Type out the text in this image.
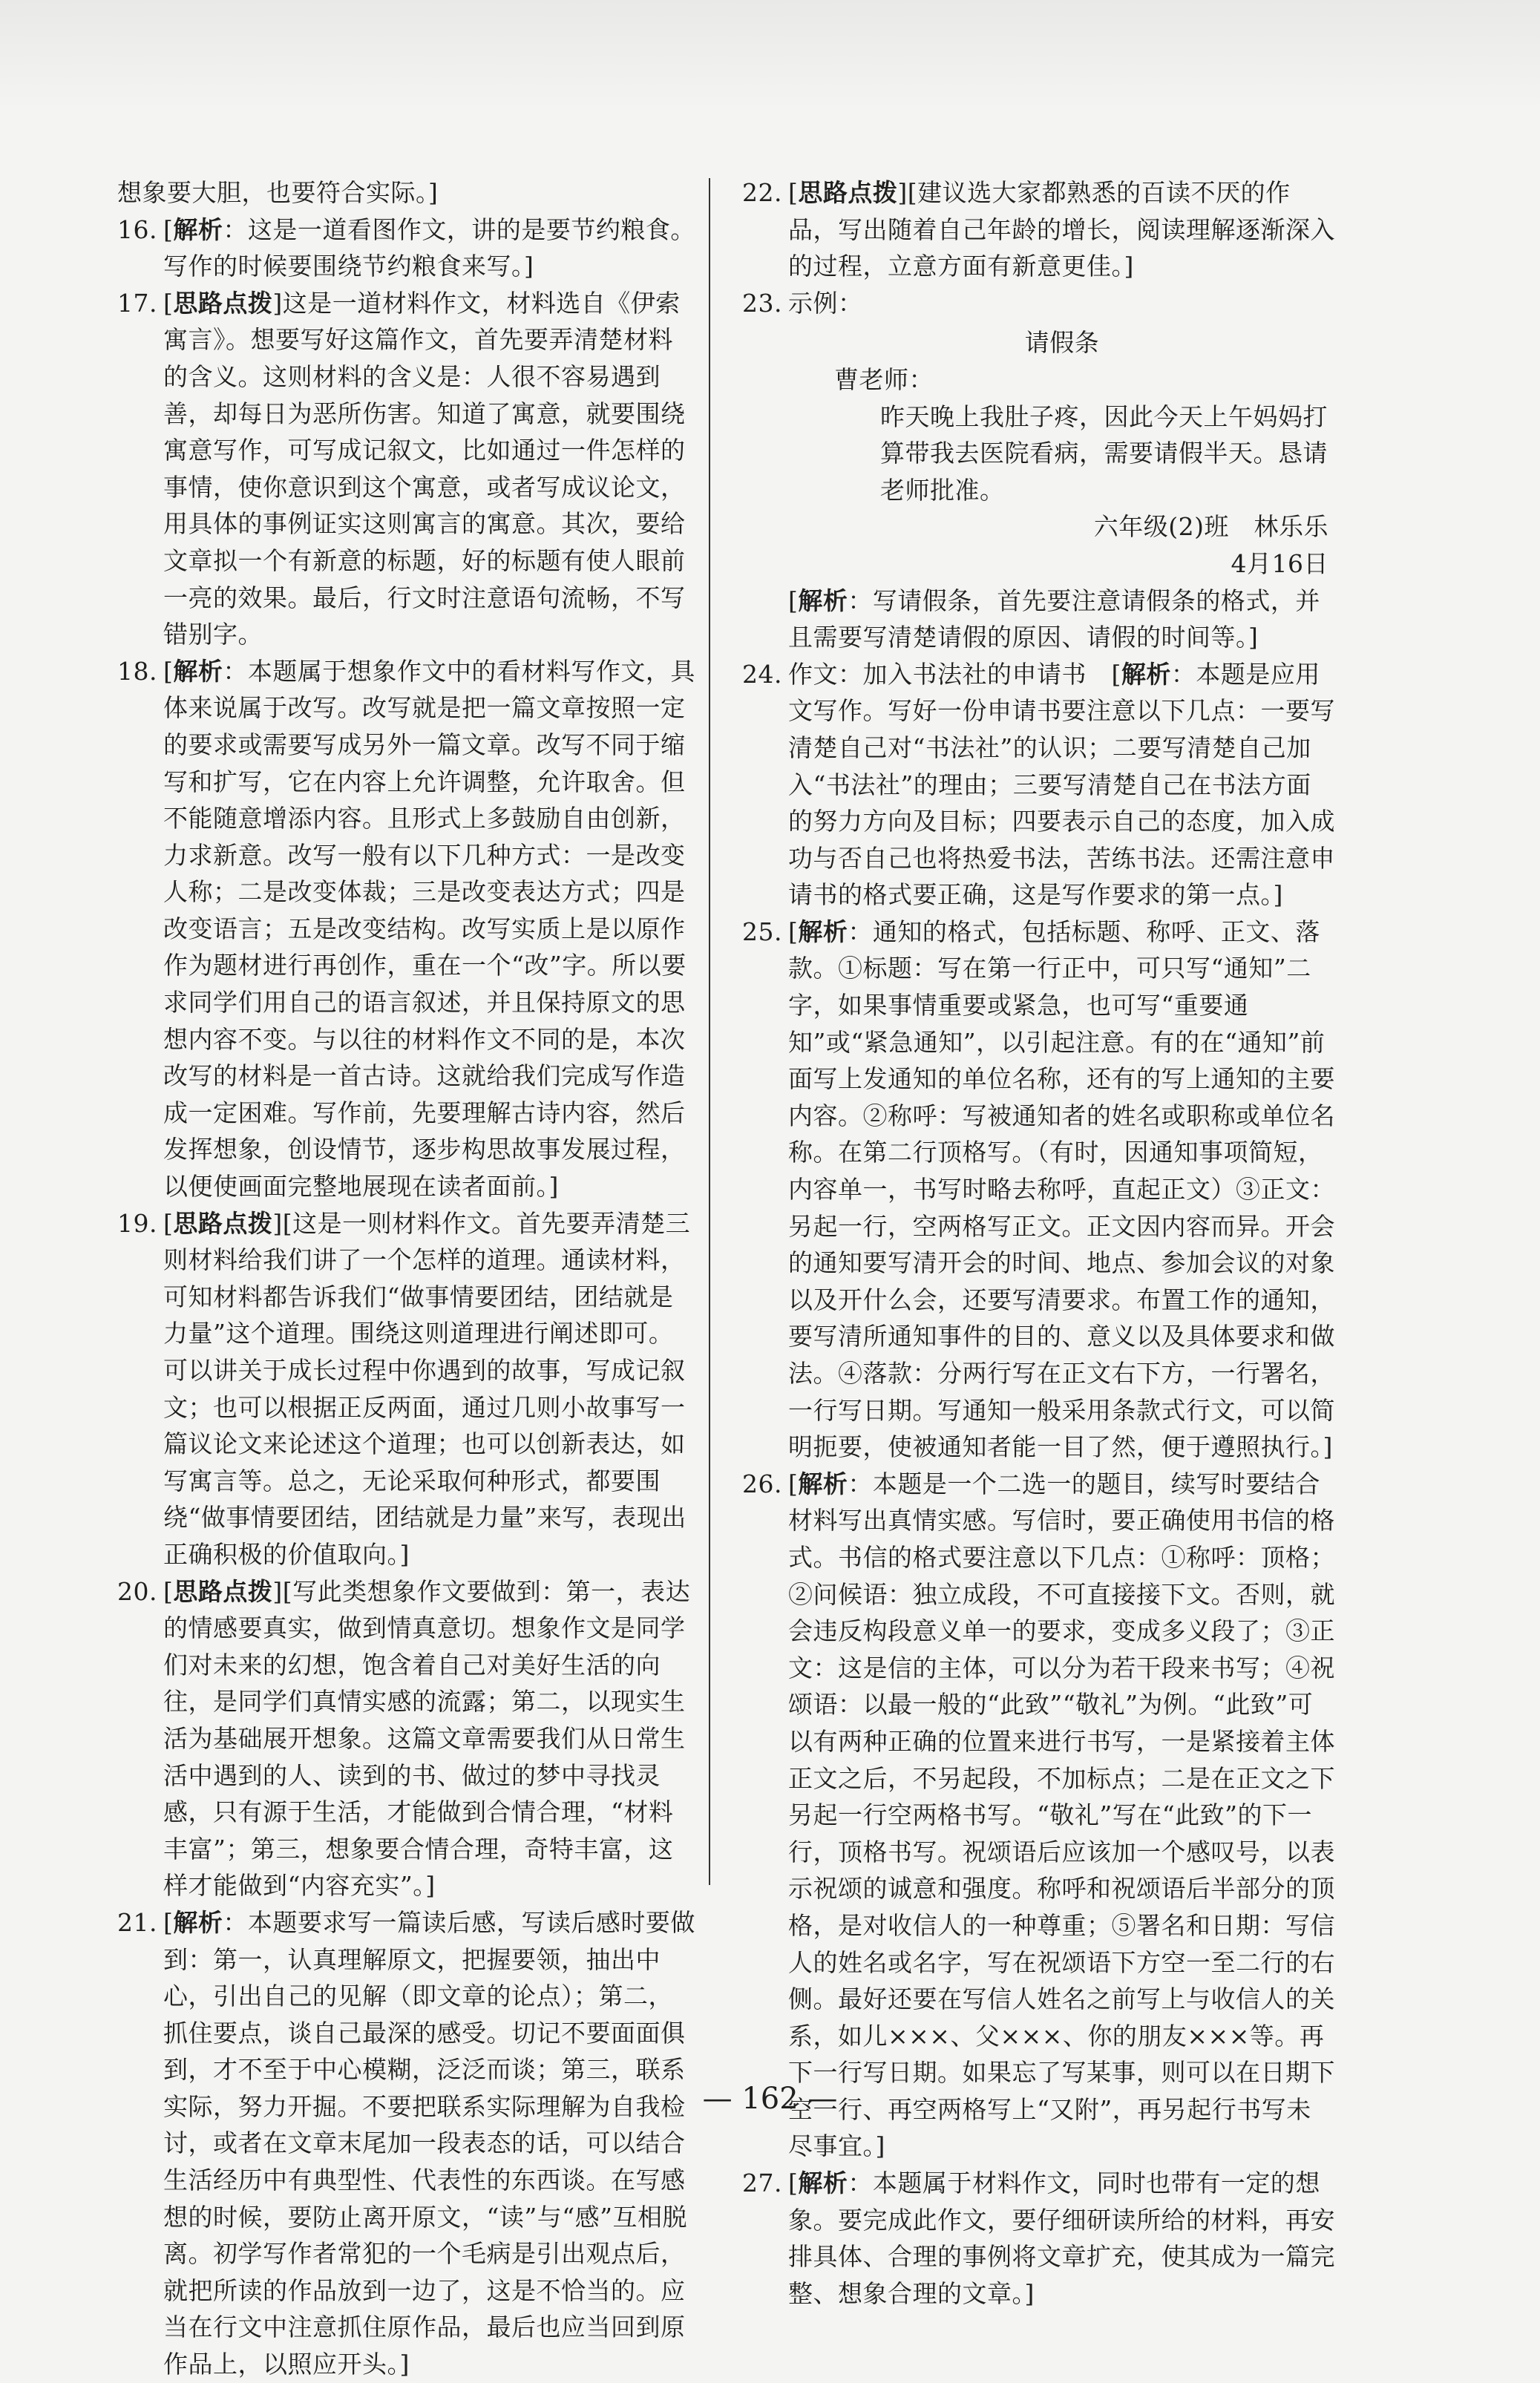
想象要大胆，也要符合实际。]
16. [解析：这是一道看图作文，讲的是要节约粮食。写作的时候要围绕节约粮食来写。]
17. [思路点拨]这是一道材料作文，材料选自《伊索寓言》。想要写好这篇作文，首先要弄清楚材料的含义。这则材料的含义是：人很不容易遇到善，却每日为恶所伤害。知道了寓意，就要围绕寓意写作，可写成记叙文，比如通过一件怎样的事情，使你意识到这个寓意，或者写成议论文，用具体的事例证实这则寓言的寓意。其次，要给文章拟一个有新意的标题，好的标题有使人眼前一亮的效果。最后，行文时注意语句流畅，不写错别字。
18. [解析：本题属于想象作文中的看材料写作文，具体来说属于改写。改写就是把一篇文章按照一定的要求或需要写成另外一篇文章。改写不同于缩写和扩写，它在内容上允许调整，允许取舍。但不能随意增添内容。且形式上多鼓励自由创新，力求新意。改写一般有以下几种方式：一是改变人称；二是改变体裁；三是改变表达方式；四是改变语言；五是改变结构。改写实质上是以原作作为题材进行再创作，重在一个“改”字。所以要求同学们用自己的语言叙述，并且保持原文的思想内容不变。与以往的材料作文不同的是，本次改写的材料是一首古诗。这就给我们完成写作造成一定困难。写作前，先要理解古诗内容，然后发挥想象，创设情节，逐步构思故事发展过程，以便使画面完整地展现在读者面前。]
19. [思路点拨][这是一则材料作文。首先要弄清楚三则材料给我们讲了一个怎样的道理。通读材料，可知材料都告诉我们“做事情要团结，团结就是力量”这个道理。围绕这则道理进行阐述即可。可以讲关于成长过程中你遇到的故事，写成记叙文；也可以根据正反两面，通过几则小故事写一篇议论文来论述这个道理；也可以创新表达，如写寓言等。总之，无论采取何种形式，都要围绕“做事情要团结，团结就是力量”来写，表现出正确积极的价值取向。]
20. [思路点拨][写此类想象作文要做到：第一，表达的情感要真实，做到情真意切。想象作文是同学们对未来的幻想，饱含着自己对美好生活的向往，是同学们真情实感的流露；第二，以现实生活为基础展开想象。这篇文章需要我们从日常生活中遇到的人、读到的书、做过的梦中寻找灵感，只有源于生活，才能做到合情合理，“材料丰富”；第三，想象要合情合理，奇特丰富，这样才能做到“内容充实”。]
21. [解析：本题要求写一篇读后感，写读后感时要做到：第一，认真理解原文，把握要领，抽出中心，引出自己的见解（即文章的论点）；第二，抓住要点，谈自己最深的感受。切记不要面面俱到，才不至于中心模糊，泛泛而谈；第三，联系实际，努力开掘。不要把联系实际理解为自我检讨，或者在文章末尾加一段表态的话，可以结合生活经历中有典型性、代表性的东西谈。在写感想的时候，要防止离开原文，“读”与“感”互相脱离。初学写作者常犯的一个毛病是引出观点后，就把所读的作品放到一边了，这是不恰当的。应当在行文中注意抓住原作品，最后也应当回到原作品上，以照应开头。]
22. [思路点拨][建议选大家都熟悉的百读不厌的作品，写出随着自己年龄的增长，阅读理解逐渐深入的过程，立意方面有新意更佳。]
23. 示例：
请假条
曹老师：
昨天晚上我肚子疼，因此今天上午妈妈打算带我去医院看病，需要请假半天。恳请老师批准。
六年级(2)班　林乐乐
4月16日
[解析：写请假条，首先要注意请假条的格式，并且需要写清楚请假的原因、请假的时间等。]
24. 作文：加入书法社的申请书　[解析：本题是应用文写作。写好一份申请书要注意以下几点：一要写清楚自己对“书法社”的认识；二要写清楚自己加入“书法社”的理由；三要写清楚自己在书法方面的努力方向及目标；四要表示自己的态度，加入成功与否自己也将热爱书法，苦练书法。还需注意申请书的格式要正确，这是写作要求的第一点。]
25. [解析：通知的格式，包括标题、称呼、正文、落款。①标题：写在第一行正中，可只写“通知”二字，如果事情重要或紧急，也可写“重要通知”或“紧急通知”，以引起注意。有的在“通知”前面写上发通知的单位名称，还有的写上通知的主要内容。②称呼：写被通知者的姓名或职称或单位名称。在第二行顶格写。（有时，因通知事项简短，内容单一，书写时略去称呼，直起正文）③正文：另起一行，空两格写正文。正文因内容而异。开会的通知要写清开会的时间、地点、参加会议的对象以及开什么会，还要写清要求。布置工作的通知，要写清所通知事件的目的、意义以及具体要求和做法。④落款：分两行写在正文右下方，一行署名，一行写日期。写通知一般采用条款式行文，可以简明扼要，使被通知者能一目了然，便于遵照执行。]
26. [解析：本题是一个二选一的题目，续写时要结合材料写出真情实感。写信时，要正确使用书信的格式。书信的格式要注意以下几点：①称呼：顶格；②问候语：独立成段，不可直接接下文。否则，就会违反构段意义单一的要求，变成多义段了；③正文：这是信的主体，可以分为若干段来书写；④祝颂语：以最一般的“此致”“敬礼”为例。“此致”可以有两种正确的位置来进行书写，一是紧接着主体正文之后，不另起段，不加标点；二是在正文之下另起一行空两格书写。“敬礼”写在“此致”的下一行，顶格书写。祝颂语后应该加一个感叹号，以表示祝颂的诚意和强度。称呼和祝颂语后半部分的顶格，是对收信人的一种尊重；⑤署名和日期：写信人的姓名或名字，写在祝颂语下方空一至二行的右侧。最好还要在写信人姓名之前写上与收信人的关系，如儿×××、父×××、你的朋友×××等。再下一行写日期。如果忘了写某事，则可以在日期下空一行、再空两格写上“又附”，再另起行书写未尽事宜。]
27. [解析：本题属于材料作文，同时也带有一定的想象。要完成此作文，要仔细研读所给的材料，再安排具体、合理的事例将文章扩充，使其成为一篇完整、想象合理的文章。]
— 162 —
